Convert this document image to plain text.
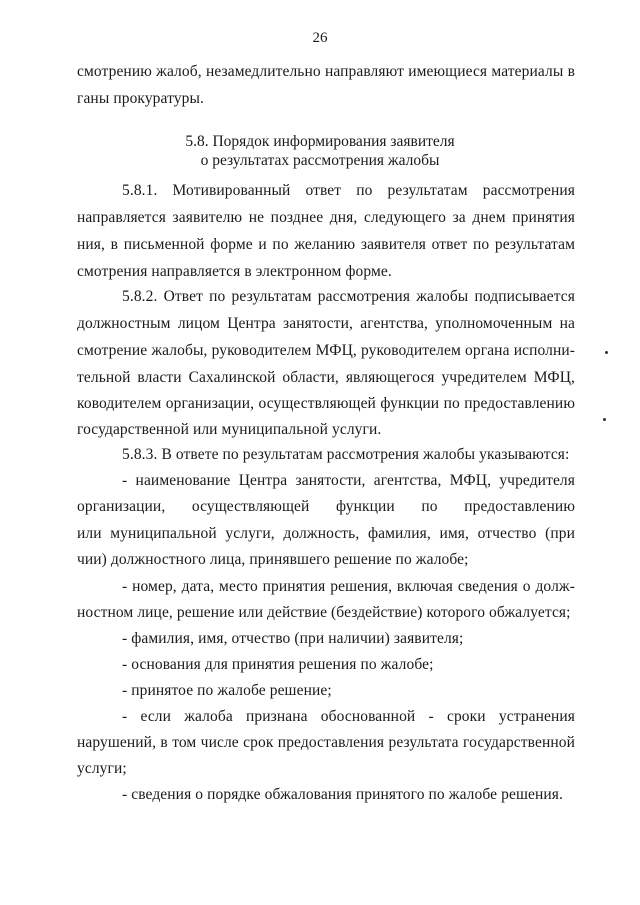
26
смотрению жалоб, незамедлительно направляют имеющиеся материалы в
ганы прокуратуры.
5.8. Порядок информирования заявителя
о результатах рассмотрения жалобы
5.8.1. Мотивированный ответ по результатам рассмотрения
направляется заявителю не позднее дня, следующего за днем принятия
ния, в письменной форме и по желанию заявителя ответ по результатам
смотрения направляется в электронном форме.
5.8.2. Ответ по результатам рассмотрения жалобы подписывается
должностным лицом Центра занятости, агентства, уполномоченным на
смотрение жалобы, руководителем МФЦ, руководителем органа исполни-
тельной власти Сахалинской области, являющегося учредителем МФЦ,
ководителем организации, осуществляющей функции по предоставлению
государственной или муниципальной услуги.
5.8.3. В ответе по результатам рассмотрения жалобы указываются:
- наименование Центра занятости, агентства, МФЦ, учредителя
организации, осуществляющей функции по предоставлению
или муниципальной услуги, должность, фамилия, имя, отчество (при
чии) должностного лица, принявшего решение по жалобе;
- номер, дата, место принятия решения, включая сведения о долж-
ностном лице, решение или действие (бездействие) которого обжалуется;
- фамилия, имя, отчество (при наличии) заявителя;
- основания для принятия решения по жалобе;
- принятое по жалобе решение;
- если жалоба признана обоснованной - сроки устранения
нарушений, в том числе срок предоставления результата государственной
услуги;
- сведения о порядке обжалования принятого по жалобе решения.
